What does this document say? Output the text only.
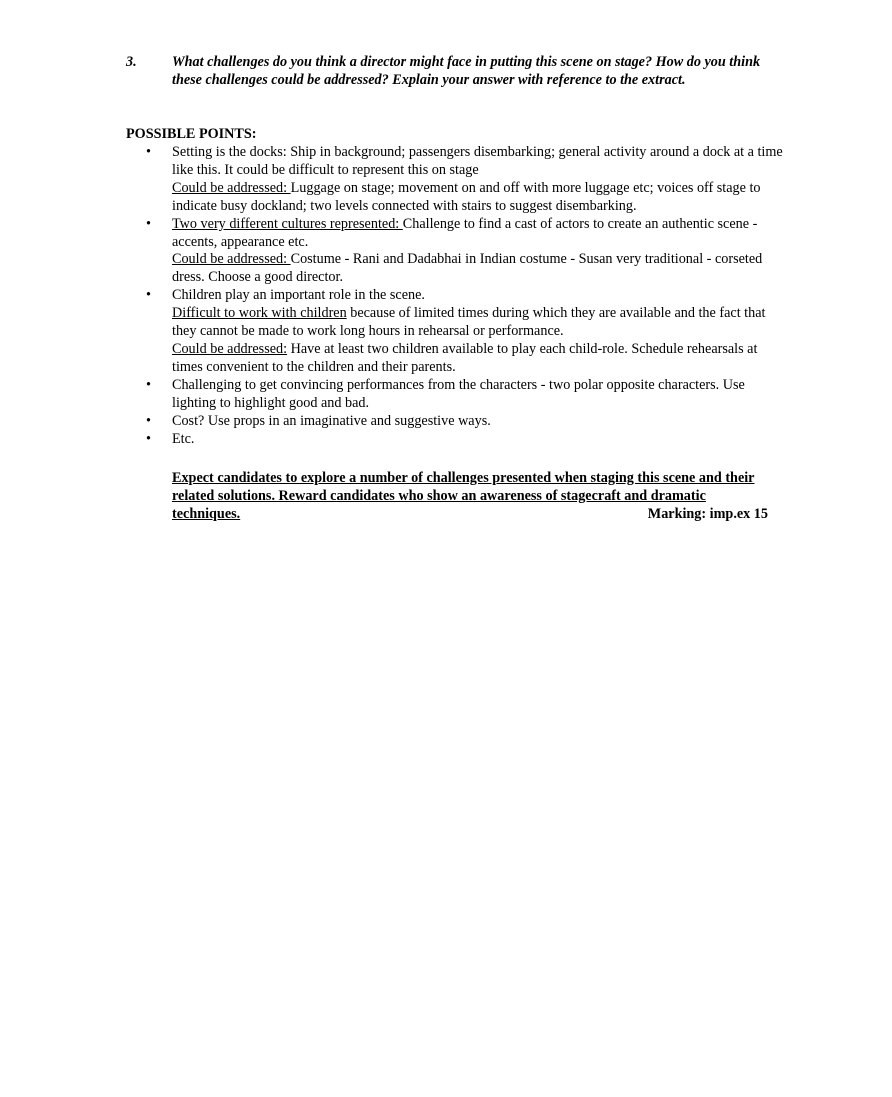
3. What challenges do you think a director might face in putting this scene on stage? How do you think these challenges could be addressed? Explain your answer with reference to the extract.
POSSIBLE POINTS:
• Setting is the docks: Ship in background; passengers disembarking; general activity around a dock at a time like this. It could be difficult to represent this on stage
Could be addressed: Luggage on stage; movement on and off with more luggage etc; voices off stage to indicate busy dockland; two levels connected with stairs to suggest disembarking.
• Two very different cultures represented: Challenge to find a cast of actors to create an authentic scene - accents, appearance etc.
Could be addressed: Costume - Rani and Dadabhai in Indian costume - Susan very traditional - corseted dress. Choose a good director.
• Children play an important role in the scene.
Difficult to work with children because of limited times during which they are available and the fact that they cannot be made to work long hours in rehearsal or performance.
Could be addressed: Have at least two children available to play each child-role. Schedule rehearsals at times convenient to the children and their parents.
• Challenging to get convincing performances from the characters - two polar opposite characters. Use lighting to highlight good and bad.
• Cost? Use props in an imaginative and suggestive ways.
• Etc.
Expect candidates to explore a number of challenges presented when staging this scene and their related solutions. Reward candidates who show an awareness of stagecraft and dramatic techniques.	Marking: imp.ex 15
